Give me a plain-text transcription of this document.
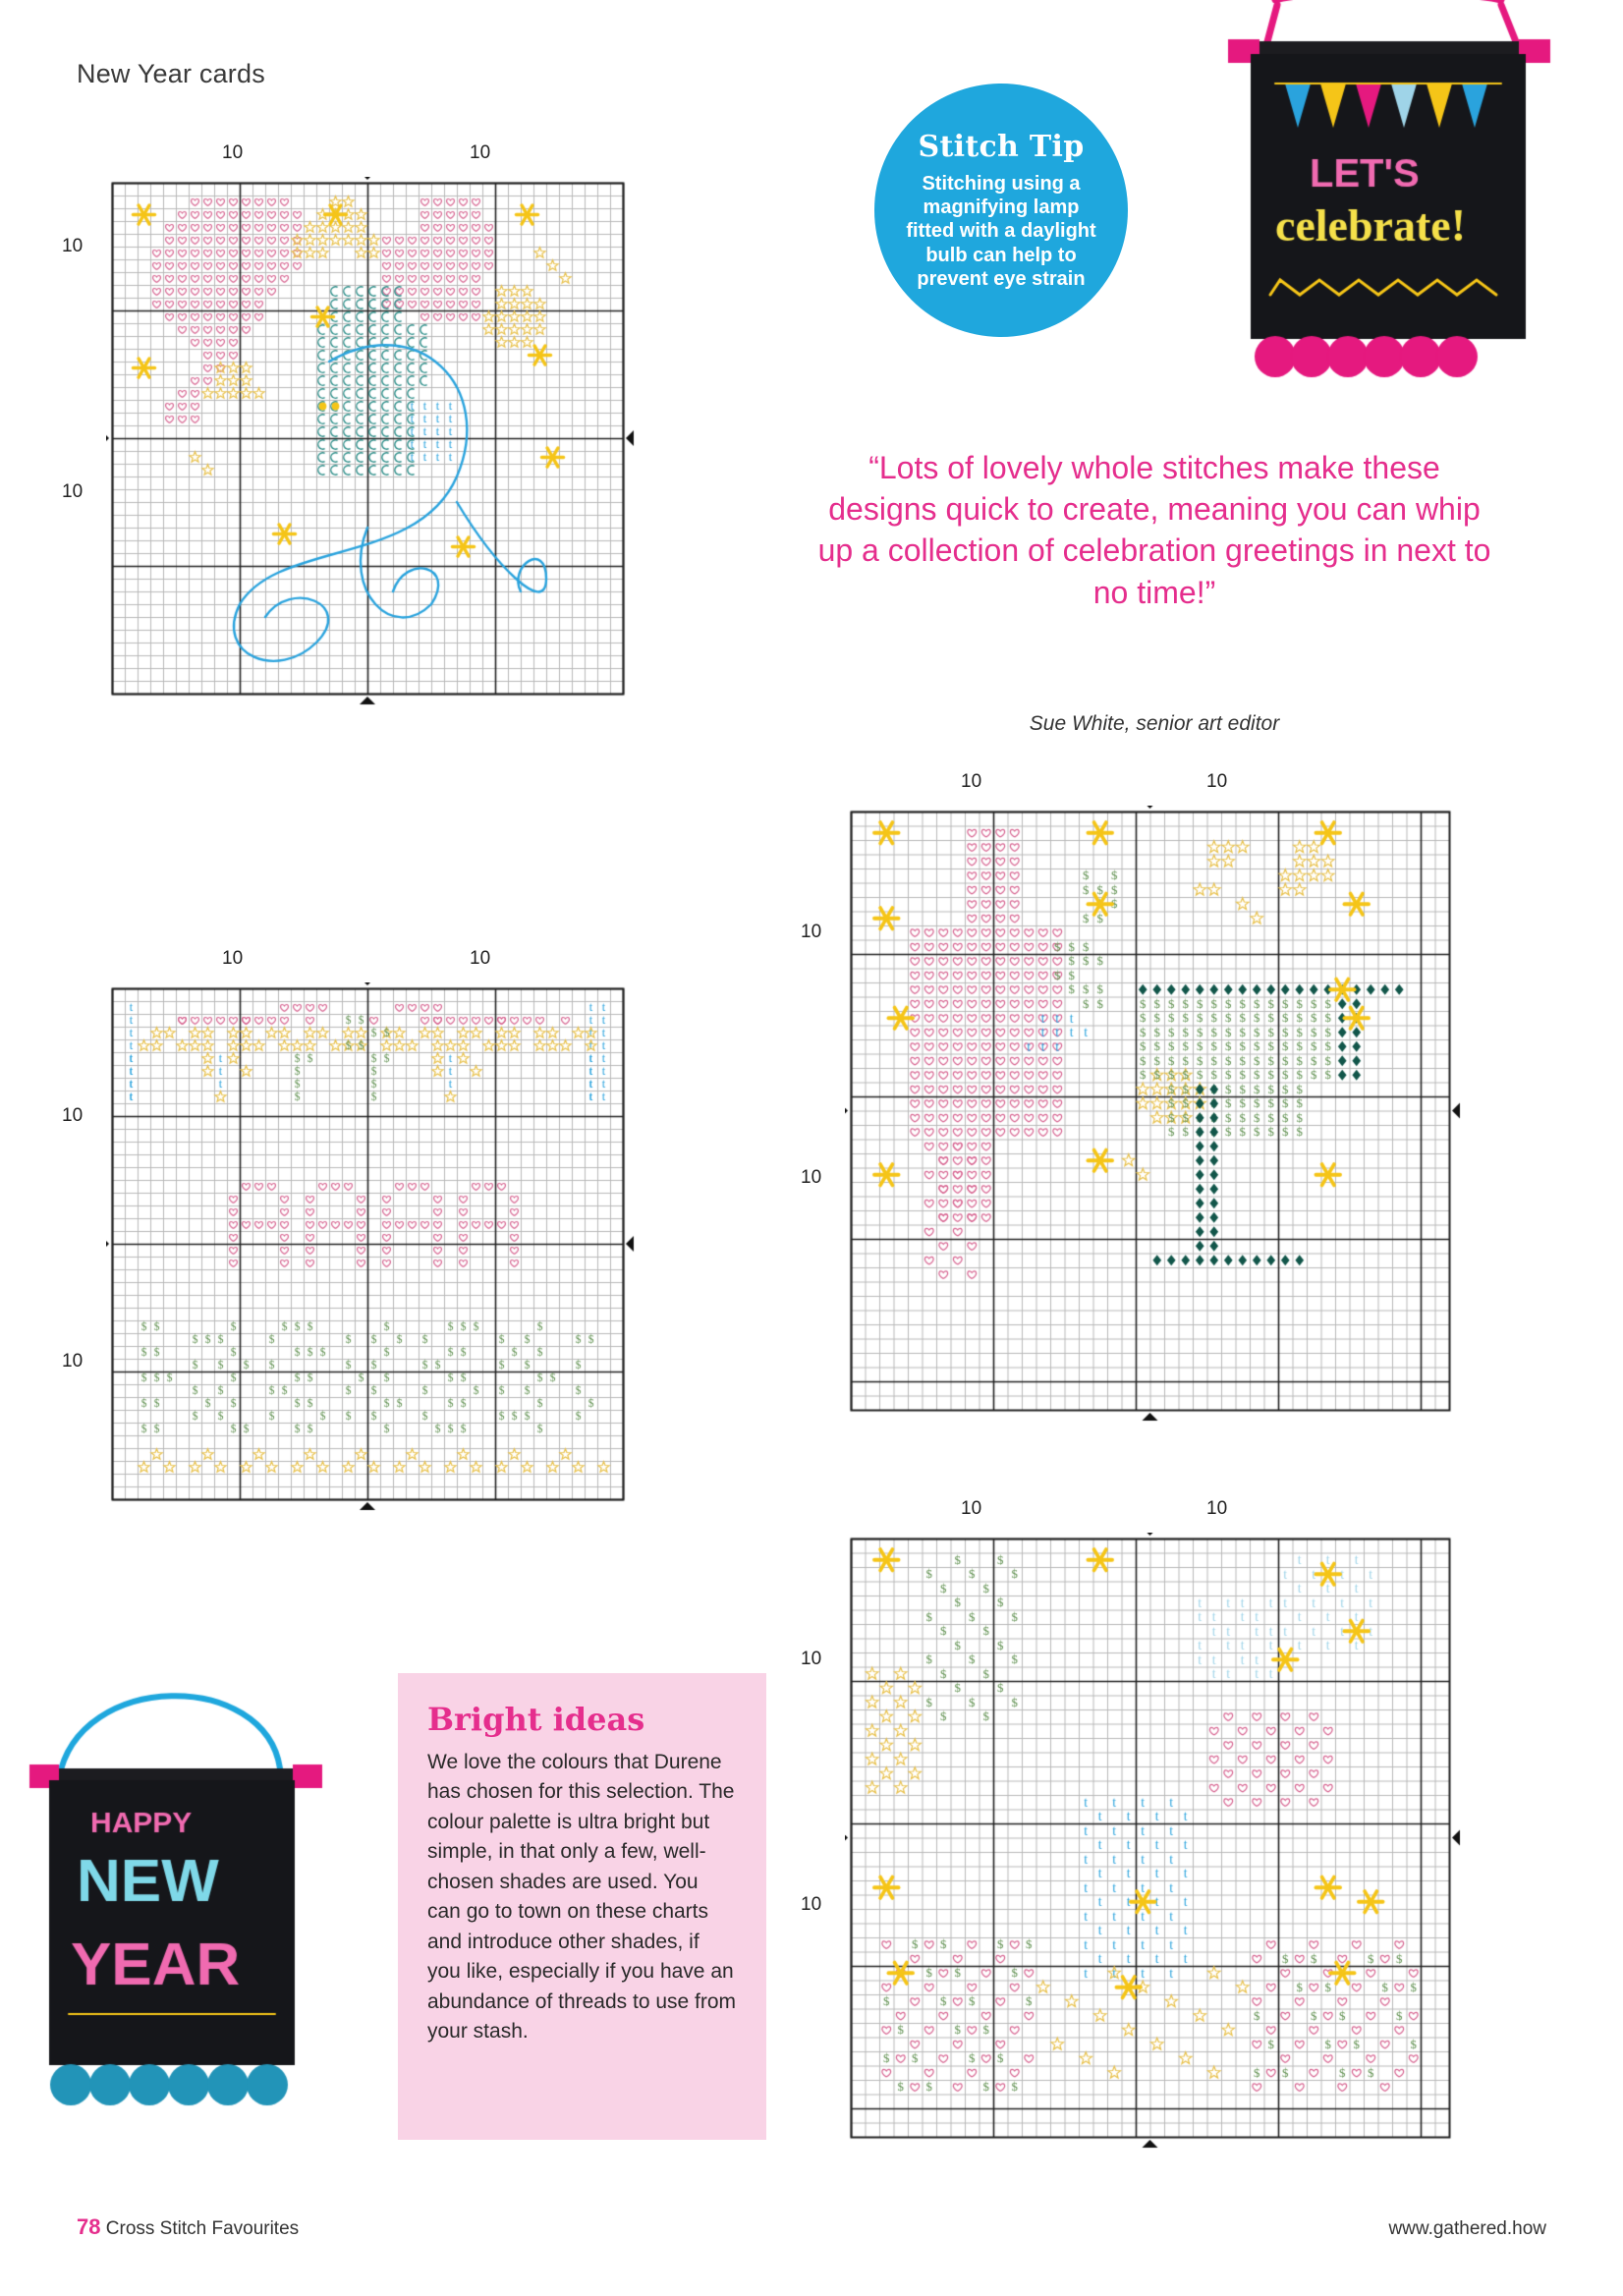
New Year cards
10	10
10
10
10	10
10
10
10	10
10
10
10	10
10
10
Stitch Tip
Stitching using a magnifying lamp fitted with a daylight bulb can help to prevent eye strain
“Lots of lovely whole stitches make these designs quick to create, meaning you can whip up a collection of celebration greetings in next to no time!”
Sue White, senior art editor
Bright ideas
We love the colours that Durene has chosen for this selection. The colour palette is ultra bright but simple, in that only a few, well-chosen shades are used. You can go to town on these charts and introduce other shades, if you like, especially if you have an abundance of threads to use from your stash.
78 Cross Stitch Favourites	www.gathered.how
